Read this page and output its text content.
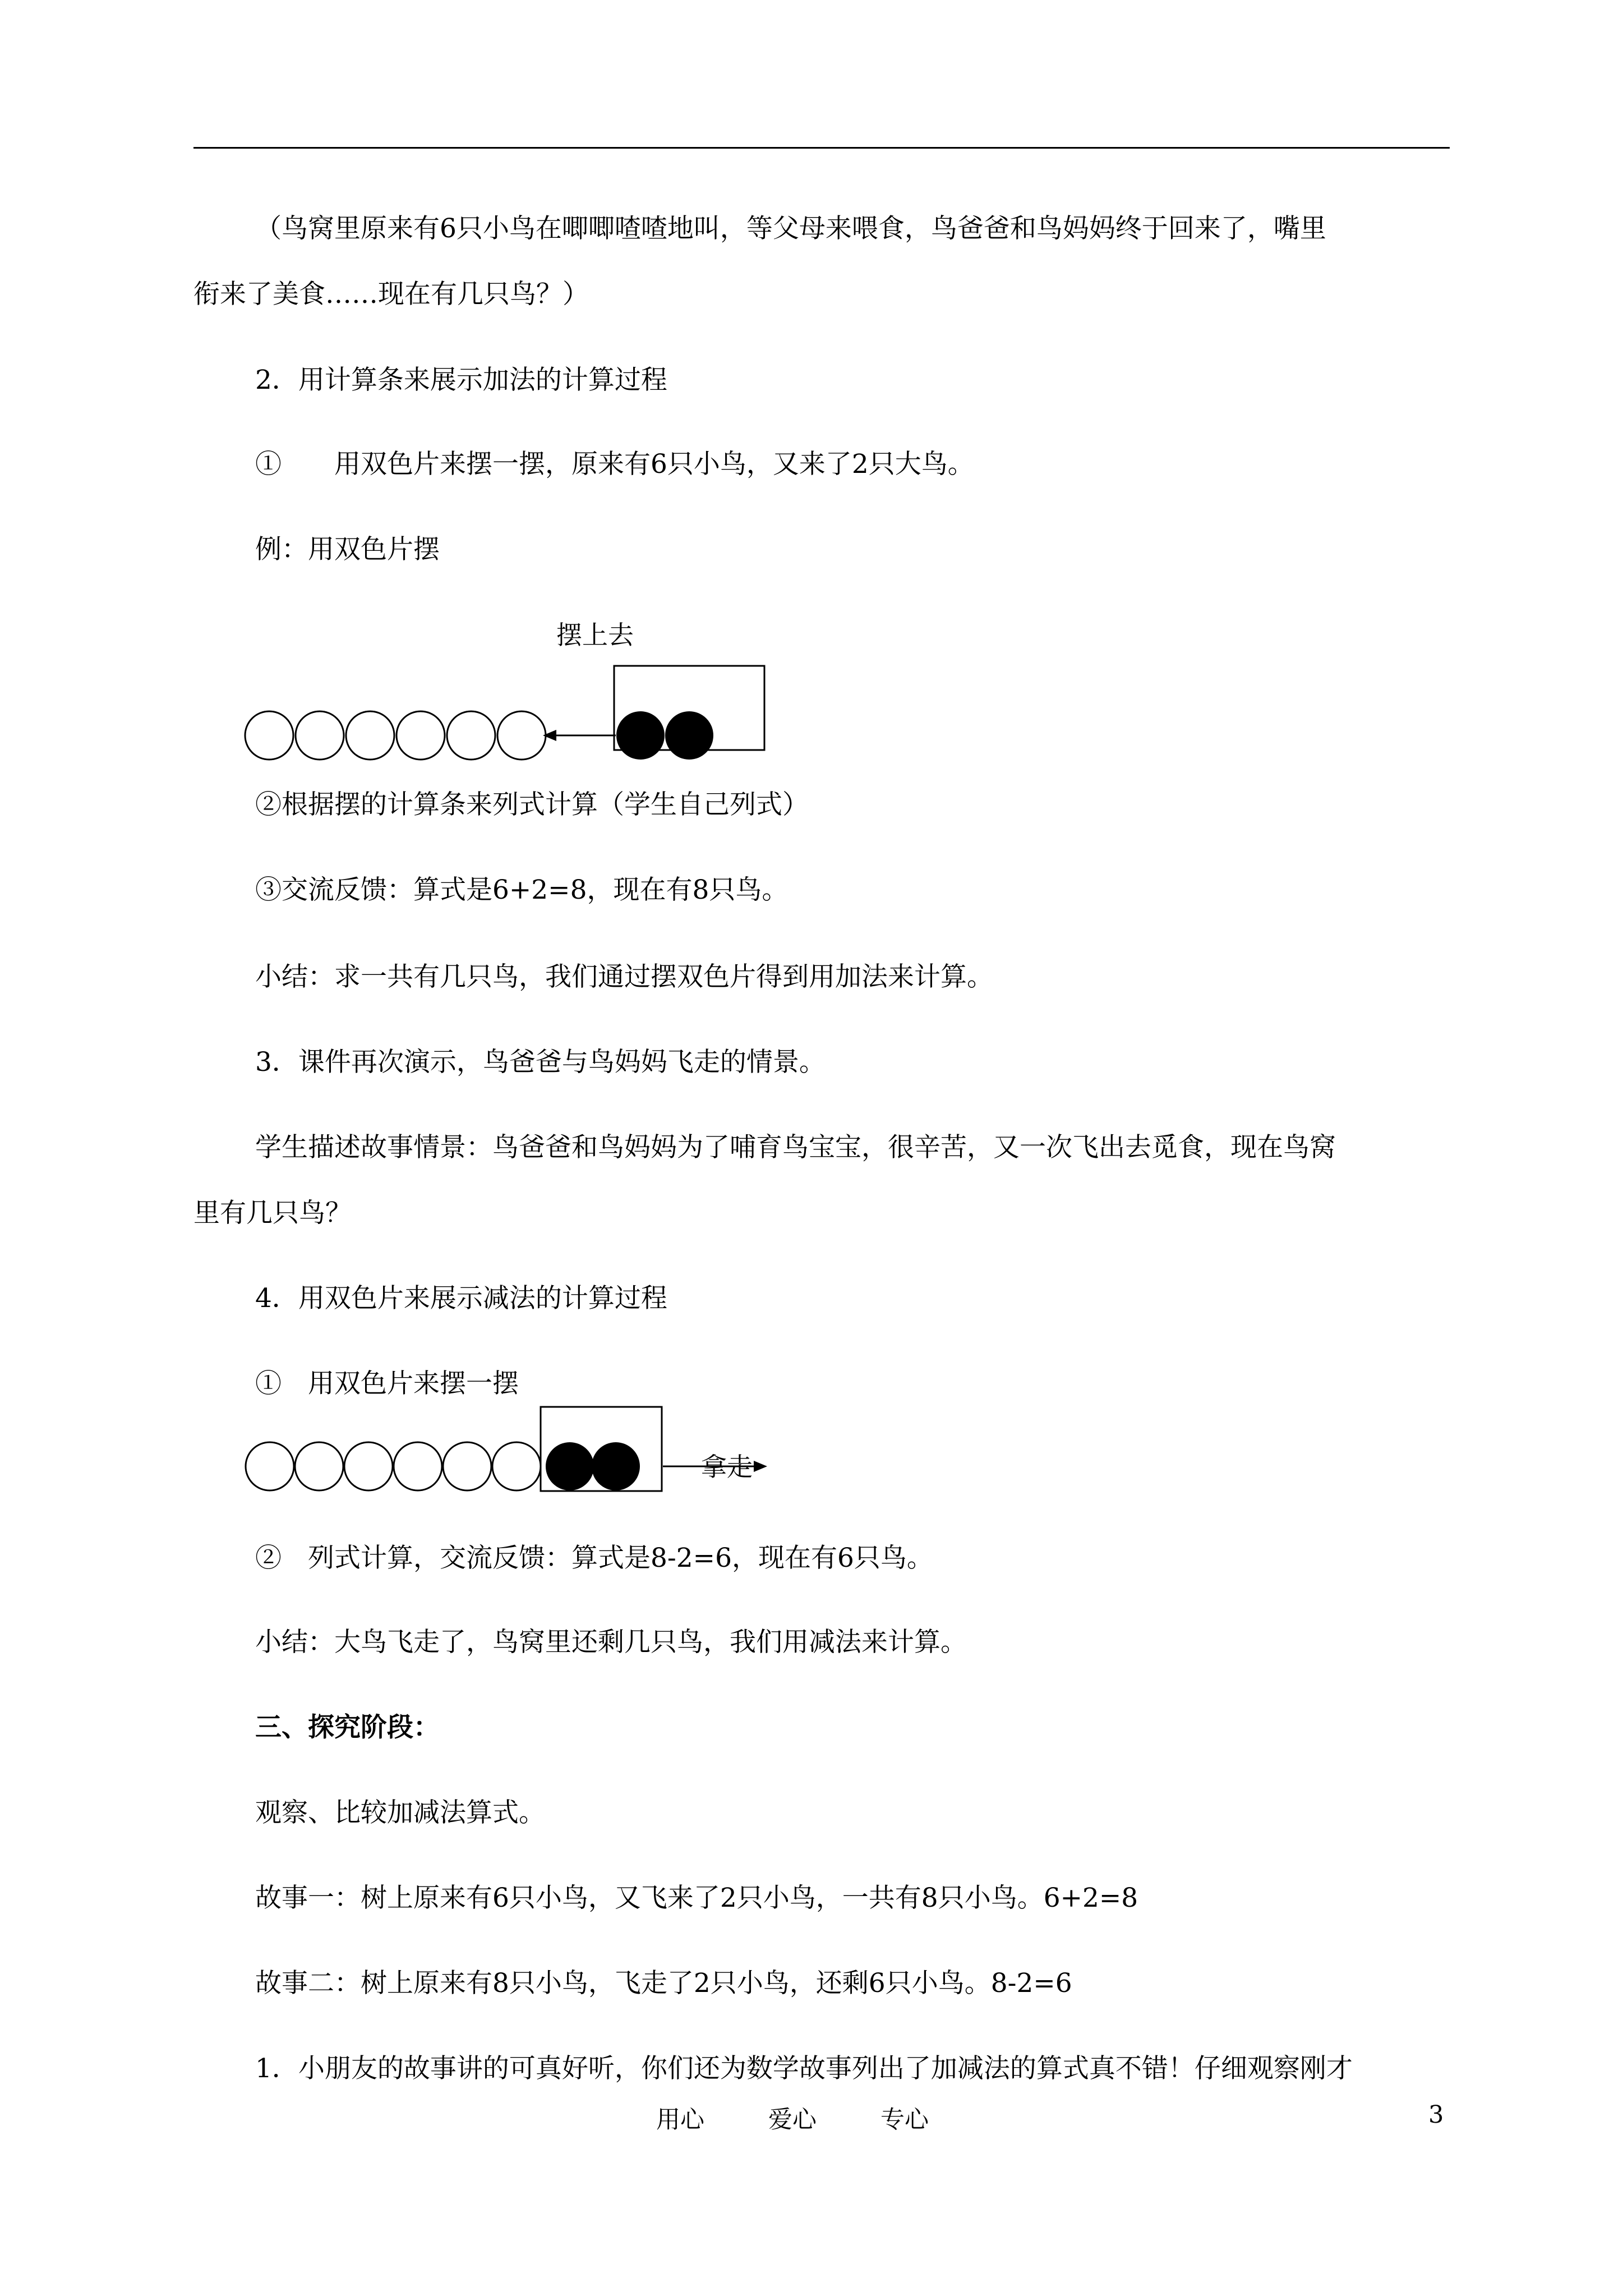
（鸟窝里原来有6只小鸟在唧唧喳喳地叫，等父母来喂食，鸟爸爸和鸟妈妈终于回来了，嘴里
衔来了美食……现在有几只鸟？）
2．用计算条来展示加法的计算过程
①　　用双色片来摆一摆，原来有6只小鸟，又来了2只大鸟。
例：用双色片摆
摆上去
②根据摆的计算条来列式计算（学生自己列式）
③交流反馈：算式是6+2=8，现在有8只鸟。
小结：求一共有几只鸟，我们通过摆双色片得到用加法来计算。
3．课件再次演示，鸟爸爸与鸟妈妈飞走的情景。
学生描述故事情景：鸟爸爸和鸟妈妈为了哺育鸟宝宝，很辛苦，又一次飞出去觅食，现在鸟窝
里有几只鸟？
4．用双色片来展示减法的计算过程
①　用双色片来摆一摆
拿走
②　列式计算，交流反馈：算式是8-2=6，现在有6只鸟。
小结：大鸟飞走了，鸟窝里还剩几只鸟，我们用减法来计算。
三、探究阶段：
观察、比较加减法算式。
故事一：树上原来有6只小鸟，又飞来了2只小鸟，一共有8只小鸟。6+2=8
故事二：树上原来有8只小鸟，飞走了2只小鸟，还剩6只小鸟。8-2=6
1．小朋友的故事讲的可真好听，你们还为数学故事列出了加减法的算式真不错！仔细观察刚才
用心	爱心	专心	3
